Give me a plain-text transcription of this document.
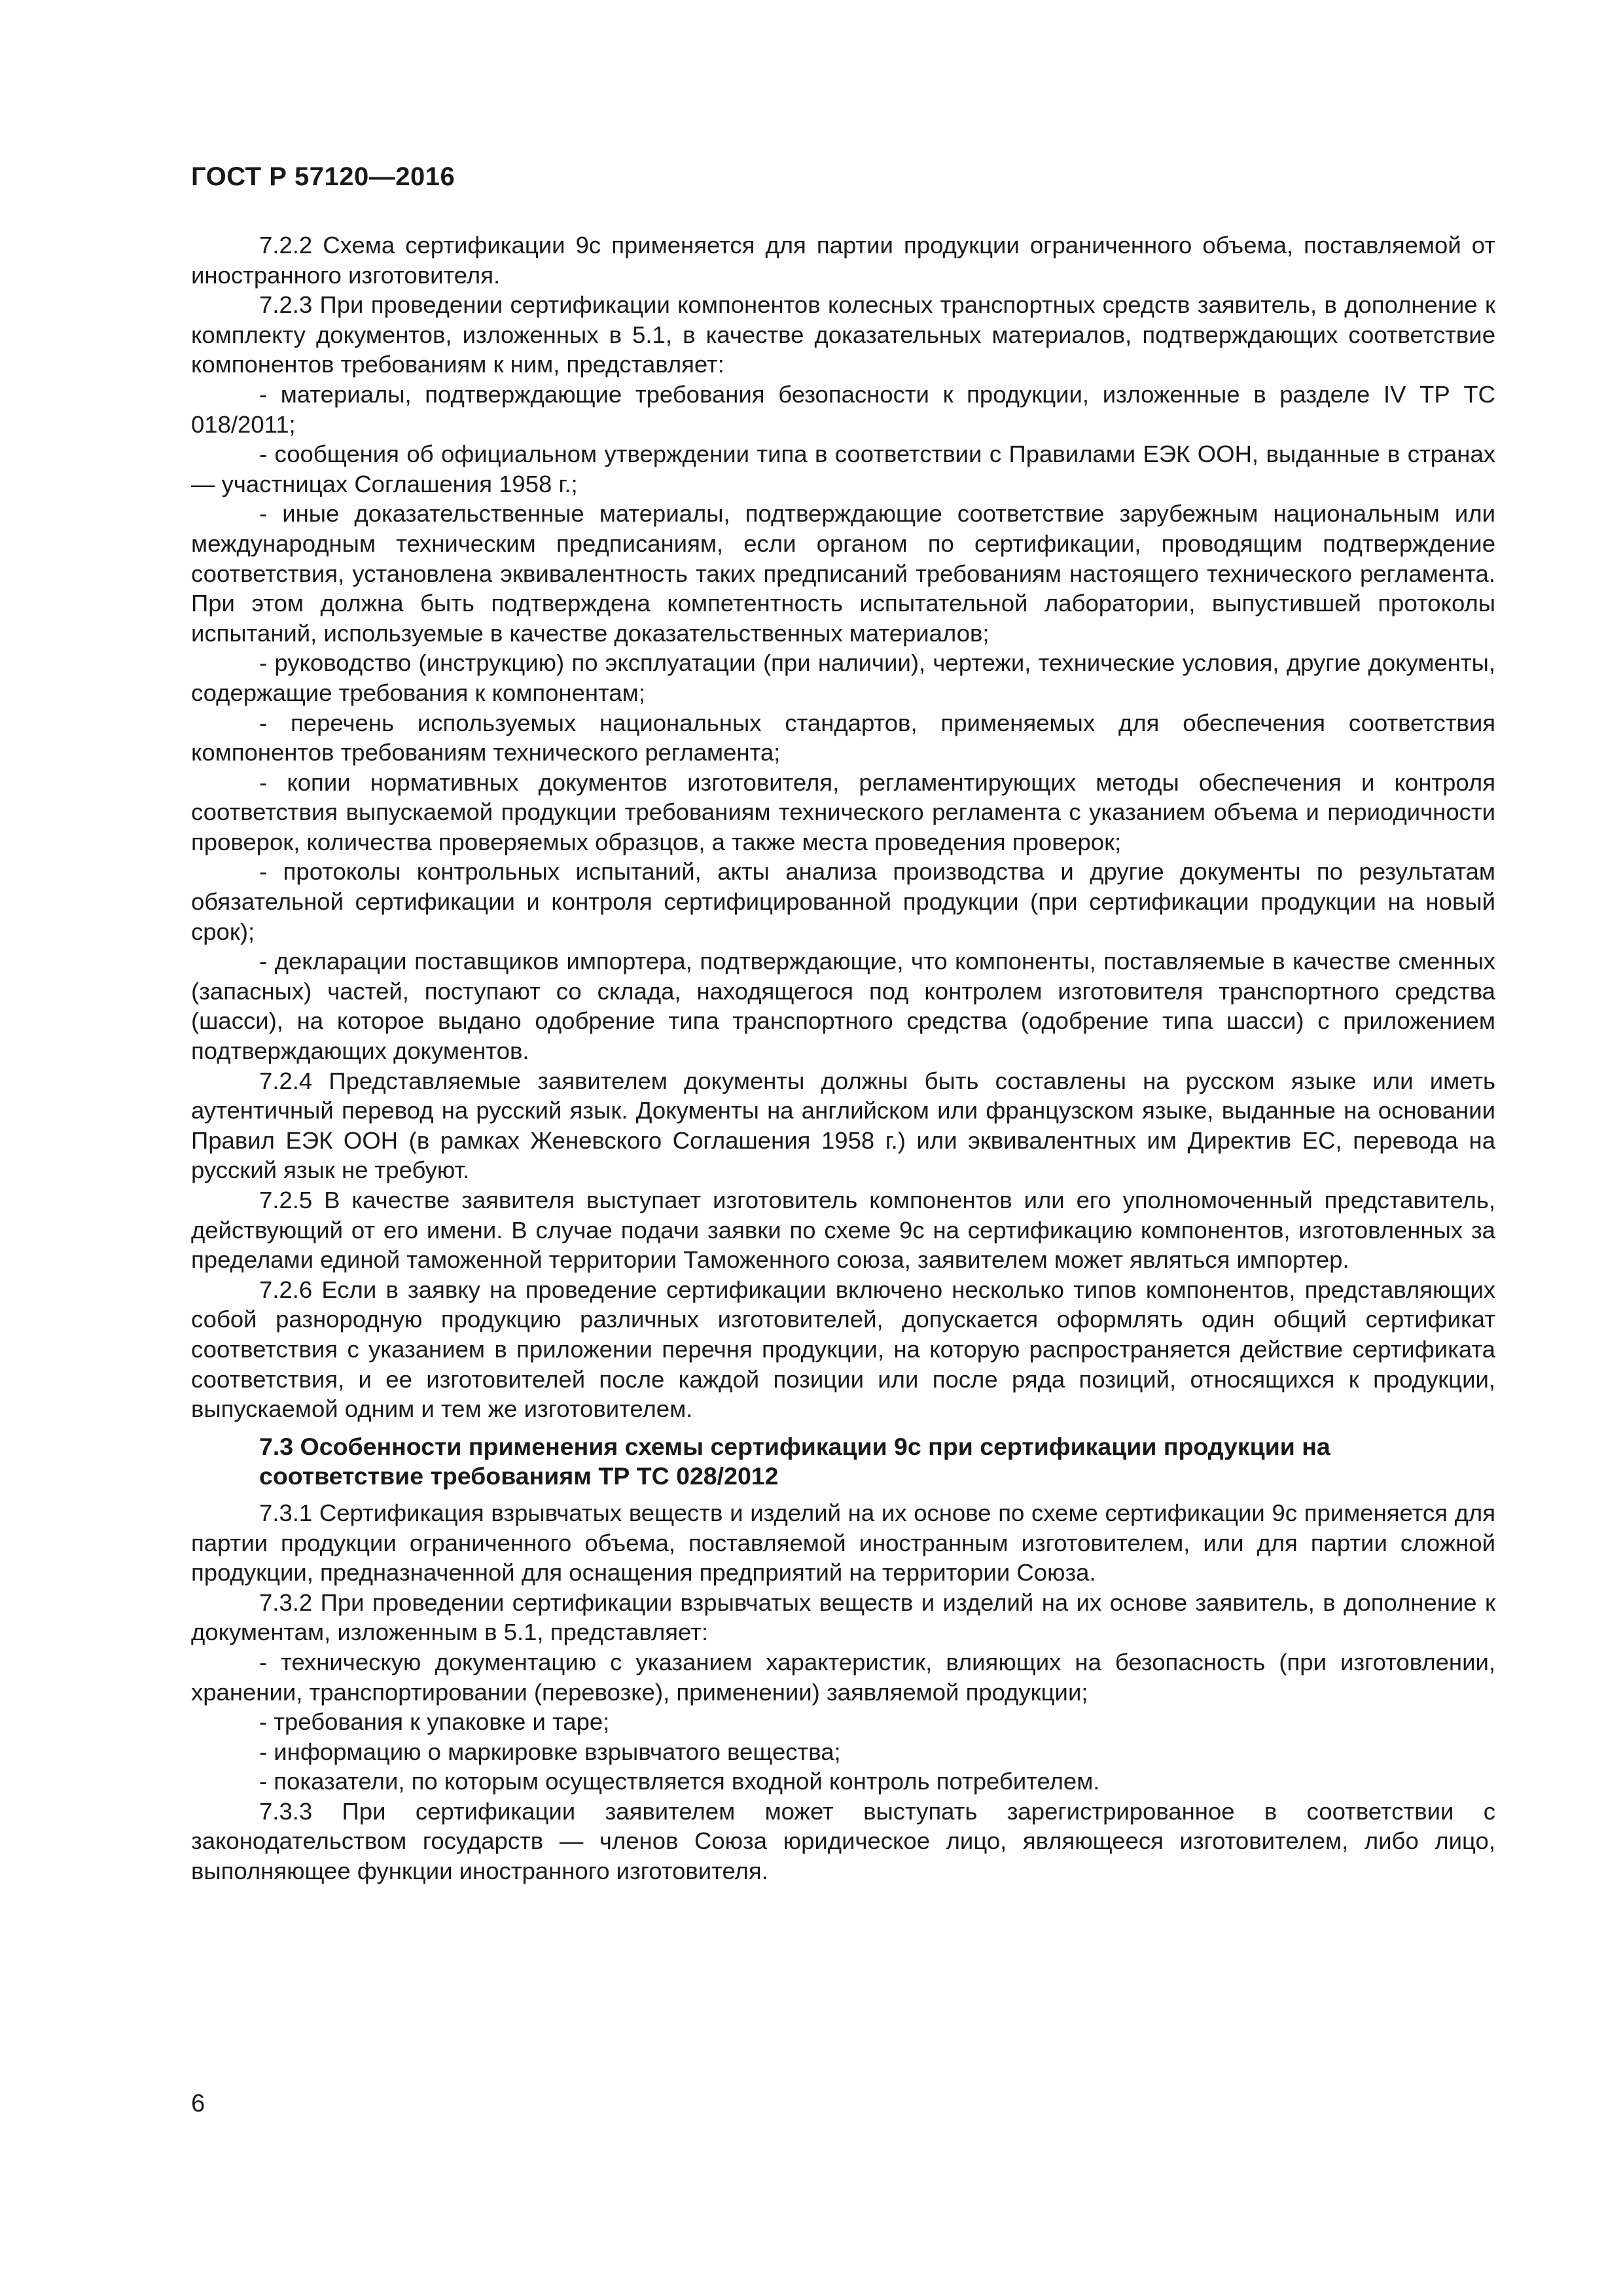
ГОСТ Р 57120—2016

7.2.2 Схема сертификации 9с применяется для партии продукции ограниченного объема, поставляемой от иностранного изготовителя.

7.2.3 При проведении сертификации компонентов колесных транспортных средств заявитель, в дополнение к комплекту документов, изложенных в 5.1, в качестве доказательных материалов, подтверждающих соответствие компонентов требованиям к ним, представляет:

- материалы, подтверждающие требования безопасности к продукции, изложенные в разделе IV ТР ТС 018/2011;

- сообщения об официальном утверждении типа в соответствии с Правилами ЕЭК ООН, выданные в странах — участницах Соглашения 1958 г.;

- иные доказательственные материалы, подтверждающие соответствие зарубежным национальным или международным техническим предписаниям, если органом по сертификации, проводящим подтверждение соответствия, установлена эквивалентность таких предписаний требованиям настоящего технического регламента. При этом должна быть подтверждена компетентность испытательной лаборатории, выпустившей протоколы испытаний, используемые в качестве доказательственных материалов;

- руководство (инструкцию) по эксплуатации (при наличии), чертежи, технические условия, другие документы, содержащие требования к компонентам;

- перечень используемых национальных стандартов, применяемых для обеспечения соответствия компонентов требованиям технического регламента;

- копии нормативных документов изготовителя, регламентирующих методы обеспечения и контроля соответствия выпускаемой продукции требованиям технического регламента с указанием объема и периодичности проверок, количества проверяемых образцов, а также места проведения проверок;

- протоколы контрольных испытаний, акты анализа производства и другие документы по результатам обязательной сертификации и контроля сертифицированной продукции (при сертификации продукции на новый срок);

- декларации поставщиков импортера, подтверждающие, что компоненты, поставляемые в качестве сменных (запасных) частей, поступают со склада, находящегося под контролем изготовителя транспортного средства (шасси), на которое выдано одобрение типа транспортного средства (одобрение типа шасси) с приложением подтверждающих документов.

7.2.4 Представляемые заявителем документы должны быть составлены на русском языке или иметь аутентичный перевод на русский язык. Документы на английском или французском языке, выданные на основании Правил ЕЭК ООН (в рамках Женевского Соглашения 1958 г.) или эквивалентных им Директив ЕС, перевода на русский язык не требуют.

7.2.5 В качестве заявителя выступает изготовитель компонентов или его уполномоченный представитель, действующий от его имени. В случае подачи заявки по схеме 9с на сертификацию компонентов, изготовленных за пределами единой таможенной территории Таможенного союза, заявителем может являться импортер.

7.2.6 Если в заявку на проведение сертификации включено несколько типов компонентов, представляющих собой разнородную продукцию различных изготовителей, допускается оформлять один общий сертификат соответствия с указанием в приложении перечня продукции, на которую распространяется действие сертификата соответствия, и ее изготовителей после каждой позиции или после ряда позиций, относящихся к продукции, выпускаемой одним и тем же изготовителем.

7.3 Особенности применения схемы сертификации 9с при сертификации продукции на соответствие требованиям ТР ТС 028/2012

7.3.1 Сертификация взрывчатых веществ и изделий на их основе по схеме сертификации 9с применяется для партии продукции ограниченного объема, поставляемой иностранным изготовителем, или для партии сложной продукции, предназначенной для оснащения предприятий на территории Союза.

7.3.2 При проведении сертификации взрывчатых веществ и изделий на их основе заявитель, в дополнение к документам, изложенным в 5.1, представляет:

- техническую документацию с указанием характеристик, влияющих на безопасность (при изготовлении, хранении, транспортировании (перевозке), применении) заявляемой продукции;

- требования к упаковке и таре;

- информацию о маркировке взрывчатого вещества;

- показатели, по которым осуществляется входной контроль потребителем.

7.3.3 При сертификации заявителем может выступать зарегистрированное в соответствии с законодательством государств — членов Союза юридическое лицо, являющееся изготовителем, либо лицо, выполняющее функции иностранного изготовителя.

6
